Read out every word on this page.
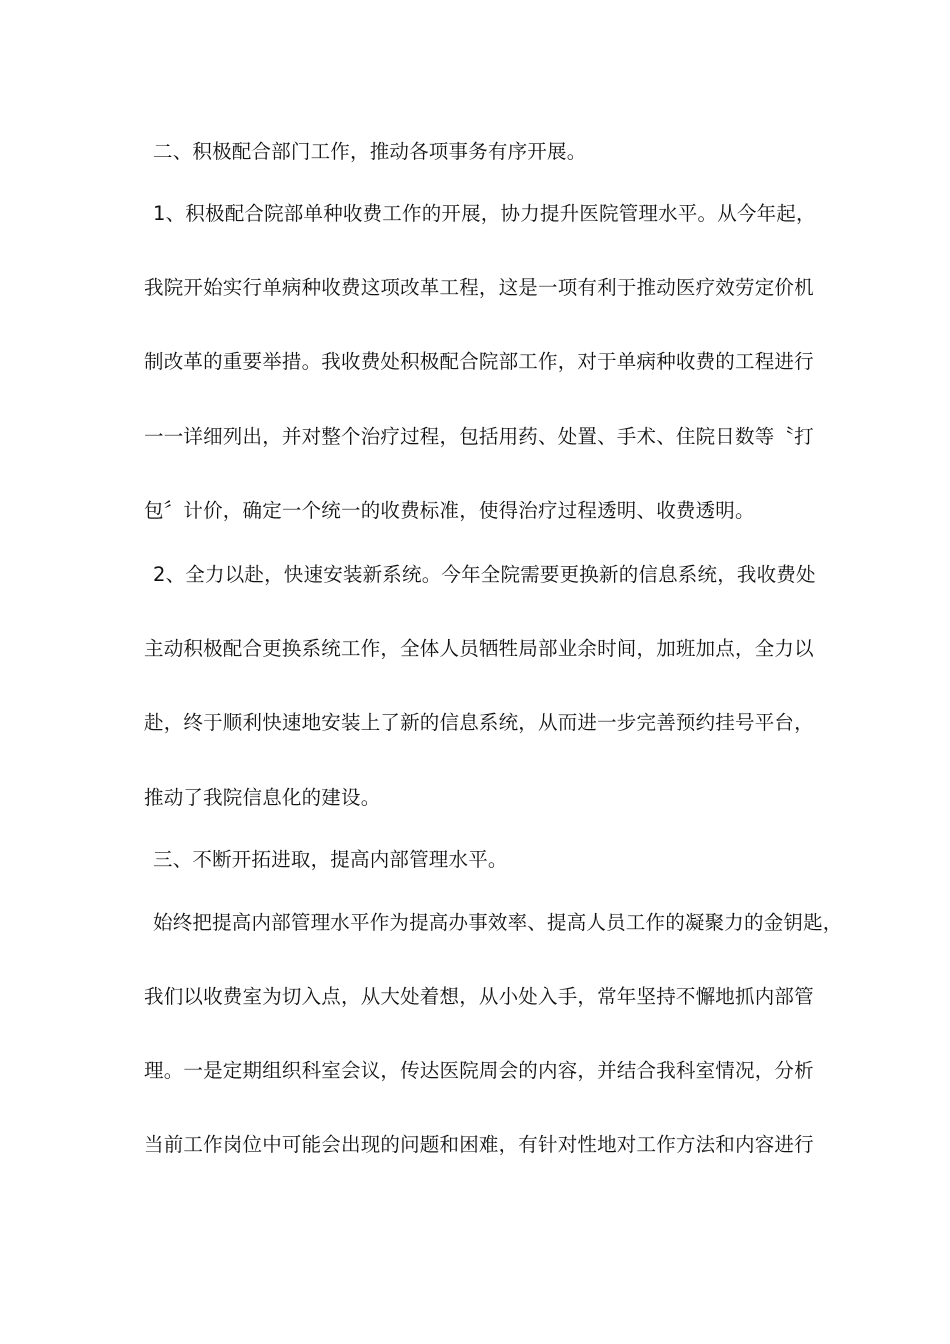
二、积极配合部门工作，推动各项事务有序开展。
1、积极配合院部单种收费工作的开展，协力提升医院管理水平。从今年起，
我院开始实行单病种收费这项改革工程，这是一项有利于推动医疗效劳定价机
制改革的重要举措。我收费处积极配合院部工作，对于单病种收费的工程进行
一一详细列出，并对整个治疗过程，包括用药、处置、手术、住院日数等〝打
包〞计价，确定一个统一的收费标准，使得治疗过程透明、收费透明。
2、全力以赴，快速安装新系统。今年全院需要更换新的信息系统，我收费处
主动积极配合更换系统工作，全体人员牺牲局部业余时间，加班加点，全力以
赴，终于顺利快速地安装上了新的信息系统，从而进一步完善预约挂号平台，
推动了我院信息化的建设。
三、不断开拓进取，提高内部管理水平。
始终把提高内部管理水平作为提高办事效率、提高人员工作的凝聚力的金钥匙，
我们以收费室为切入点，从大处着想，从小处入手，常年坚持不懈地抓内部管
理。一是定期组织科室会议，传达医院周会的内容，并结合我科室情况，分析
当前工作岗位中可能会出现的问题和困难，有针对性地对工作方法和内容进行
